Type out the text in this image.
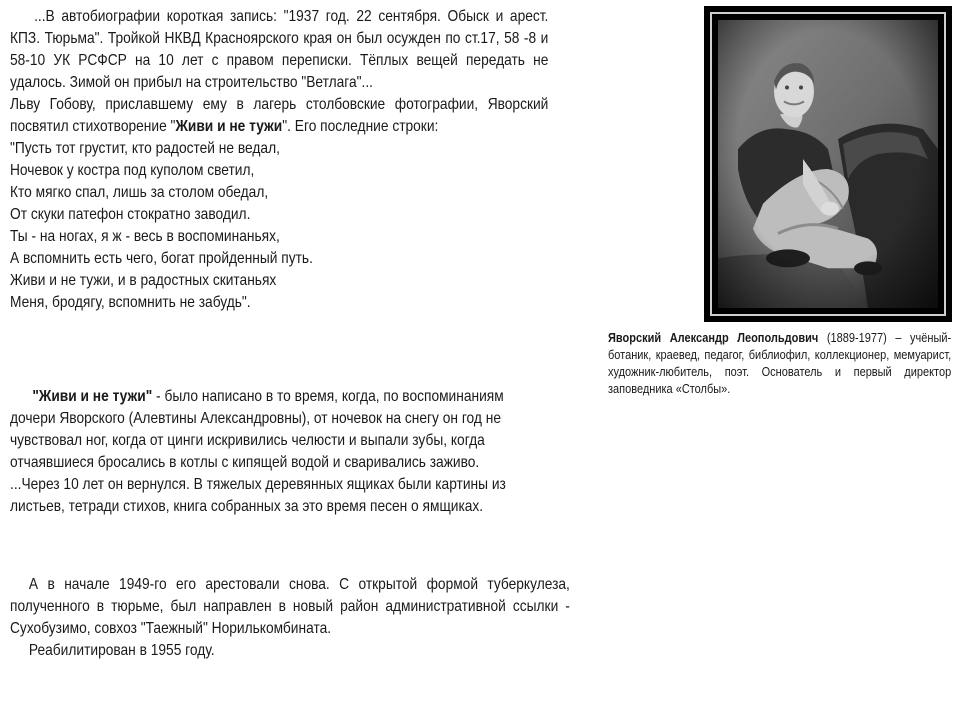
...В автобиографии короткая запись: "1937 год. 22 сентября. Обыск и арест. КПЗ. Тюрьма". Тройкой НКВД Красноярского края он был осужден по ст.17, 58 -8 и 58-10 УК РСФСР на 10 лет с правом переписки. Тёплых вещей передать не удалось. Зимой он прибыл на строительство "Ветлага"...

Льву Гобову, приславшему ему в лагерь столбовские фотографии, Яворский посвятил стихотворение "Живи и не тужи". Его последние строки:

"Пусть тот грустит, кто радостей не ведал,

Ночевок у костра под куполом светил,

Кто мягко спал, лишь за столом обедал,

От скуки патефон стократно заводил.

Ты - на ногах, я ж - весь в воспоминаньях,

А вспомнить есть чего, богат пройденный путь.

Живи и не тужи, и в радостных скитаньях

Меня, бродягу, вспомнить не забудь".

"Живи и не тужи" - было написано в то время, когда, по воспоминаниям дочери Яворского (Алевтины Александровны), от ночевок на снегу он год не чувствовал ног, когда от цинги искривились челюсти и выпали зубы, когда отчаявшиеся бросались в котлы с кипящей водой и сваривались заживо.

...Через 10 лет он вернулся. В тяжелых деревянных ящиках были картины из листьев, тетради стихов, книга собранных за это время песен о ямщиках.

А в начале 1949-го его арестовали снова. С открытой формой туберкулеза, полученного в тюрьме, был направлен в новый район административной ссылки - Сухобузимо, совхоз "Таежный" Норилькомбината.

Реабилитирован в 1955 году.

Яворский Александр Леопольдович (1889-1977) – учёный-ботаник, краевед, педагог, библиофил, коллекционер, мемуарист, художник-любитель, поэт. Основатель и первый директор заповедника «Столбы».
